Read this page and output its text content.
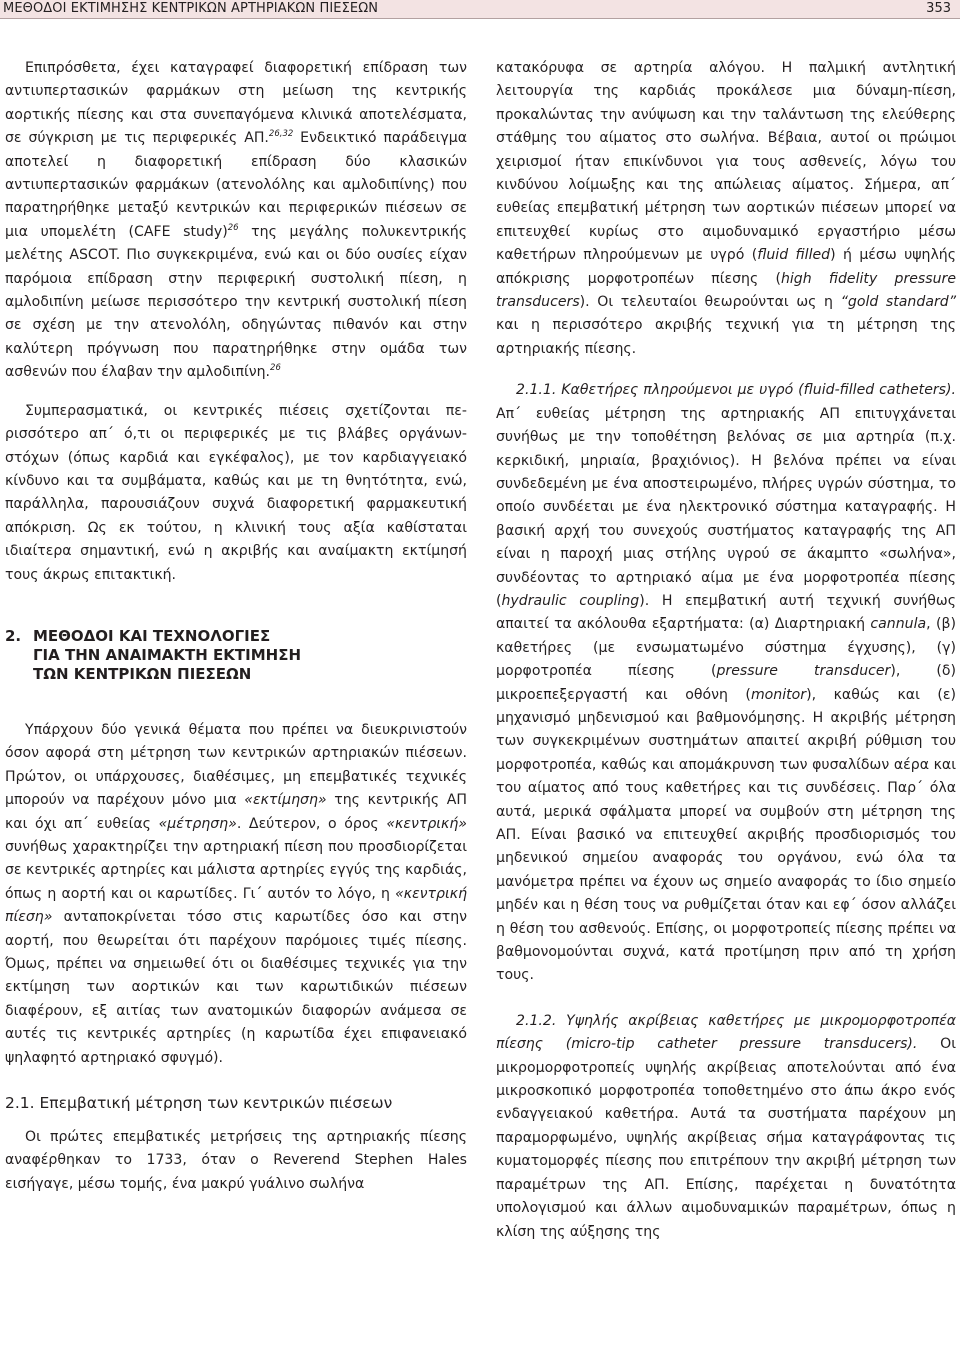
ΜΕΘΟΔΟΙ ΕΚΤΙΜΗΣΗΣ ΚΕΝΤΡΙΚΩΝ ΑΡΤΗΡΙΑΚΩΝ ΠΙΕΣΕΩΝ	353

Επιπρόσθετα, έχει καταγραφεί διαφορετική επίδραση των αντιυπερτασικών φαρμάκων στη μείωση της κεντρικής αορτικής πίεσης και στα συνεπαγόμενα κλινικά αποτελέσματα, σε σύγκριση με τις περιφερικές ΑΠ.$^{26,32}$ Ενδεικτικό παράδειγμα αποτελεί η διαφορετική επίδραση δύο κλασικών αντιυπερτασικών φαρμάκων (ατενολόλης και αμλοδιπίνης) που παρατηρήθηκε μεταξύ κεντρικών και περιφερικών πιέσεων σε μια υπομελέτη (CAFE study)$^{26}$ της μεγάλης πολυκεντρικής μελέτης ASCOT. Πιο συγκεκριμένα, ενώ και οι δύο ουσίες είχαν παρόμοια επίδραση στην περιφερική συστολική πίεση, η αμλοδιπίνη μείωσε περισσότερο την κεντρική συστολική πίεση σε σχέση με την ατενολόλη, οδηγώντας πιθανόν και στην καλύτερη πρόγνωση που παρατηρήθηκε στην ομάδα των ασθενών που έλαβαν την αμλοδιπίνη.$^{26}$

Συμπερασματικά, οι κεντρικές πιέσεις σχετίζονται περισσότερο απ΄ ό,τι οι περιφερικές με τις βλάβες οργάνωνστόχων (όπως καρδιά και εγκέφαλος), με τον καρδιαγγειακό κίνδυνο και τα συμβάματα, καθώς και με τη θνητότητα, ενώ, παράλληλα, παρουσιάζουν συχνά διαφορετική φαρμακευτική απόκριση. Ως εκ τούτου, η κλινική τους αξία καθίσταται ιδιαίτερα σημαντική, ενώ η ακριβής και αναίμακτη εκτίμησή τους άκρως επιτακτική.

2. ΜΕΘΟΔΟΙ ΚΑΙ ΤΕΧΝΟΛΟΓΙΕΣ
ΓΙΑ ΤΗΝ ΑΝΑΙΜΑΚΤΗ ΕΚΤΙΜΗΣΗ
ΤΩΝ ΚΕΝΤΡΙΚΩΝ ΠΙΕΣΕΩΝ

Υπάρχουν δύο γενικά θέματα που πρέπει να διευκρινιστούν όσον αφορά στη μέτρηση των κεντρικών αρτηριακών πιέσεων. Πρώτον, οι υπάρχουσες, διαθέσιμες, μη επεμβατικές τεχνικές μπορούν να παρέχουν μόνο μια «εκτίμηση» της κεντρικής ΑΠ και όχι απ΄ ευθείας «μέτρηση». Δεύτερον, ο όρος «κεντρική» συνήθως χαρακτηρίζει την αρτηριακή πίεση που προσδιορίζεται σε κεντρικές αρτηρίες και μάλιστα αρτηρίες εγγύς της καρδιάς, όπως η αορτή και οι καρωτίδες. Γι΄ αυτόν το λόγο, η «κεντρική πίεση» ανταποκρίνεται τόσο στις καρωτίδες όσο και στην αορτή, που θεωρείται ότι παρέχουν παρόμοιες τιμές πίεσης. Όμως, πρέπει να σημειωθεί ότι οι διαθέσιμες τεχνικές για την εκτίμηση των αορτικών και των καρωτιδικών πιέσεων διαφέρουν, εξ αιτίας των ανατομικών διαφορών ανάμεσα σε αυτές τις κεντρικές αρτηρίες (η καρωτίδα έχει επιφανειακό ψηλαφητό αρτηριακό σφυγμό).

2.1. Επεμβατική μέτρηση των κεντρικών πιέσεων

Οι πρώτες επεμβατικές μετρήσεις της αρτηριακής πίεσης αναφέρθηκαν το 1733, όταν ο Reverend Stephen Hales εισήγαγε, μέσω τομής, ένα μακρύ γυάλινο σωλήνα

κατακόρυφα σε αρτηρία αλόγου. Η παλμική αντλητική λειτουργία της καρδιάς προκάλεσε μια δύναμη-πίεση, προκαλώντας την ανύψωση και την ταλάντωση της ελεύθερης στάθμης του αίματος στο σωλήνα. Βέβαια, αυτοί οι πρώιμοι χειρισμοί ήταν επικίνδυνοι για τους ασθενείς, λόγω του κινδύνου λοίμωξης και της απώλειας αίματος. Σήμερα, απ΄ ευθείας επεμβατική μέτρηση των αορτικών πιέσεων μπορεί να επιτευχθεί κυρίως στο αιμοδυναμικό εργαστήριο μέσω καθετήρων πληρούμενων με υγρό (fluid filled) ή μέσω υψηλής απόκρισης μορφοτροπέων πίεσης (high fidelity pressure transducers). Οι τελευταίοι θεωρούνται ως η “gold standard” και η περισσότερο ακριβής τεχνική για τη μέτρηση της αρτηριακής πίεσης.

2.1.1. Καθετήρες πληρούμενοι με υγρό (fluid-filled catheters). Απ΄ ευθείας μέτρηση της αρτηριακής ΑΠ επιτυγχάνεται συνήθως με την τοποθέτηση βελόνας σε μια αρτηρία (π.χ. κερκιδική, μηριαία, βραχιόνιος). Η βελόνα πρέπει να είναι συνδεδεμένη με ένα αποστειρωμένο, πλήρες υγρών σύστημα, το οποίο συνδέεται με ένα ηλεκτρονικό σύστημα καταγραφής. Η βασική αρχή του συνεχούς συστήματος καταγραφής της ΑΠ είναι η παροχή μιας στήλης υγρού σε άκαμπτο «σωλήνα», συνδέοντας το αρτηριακό αίμα με ένα μορφοτροπέα πίεσης (hydraulic coupling). Η επεμβατική αυτή τεχνική συνήθως απαιτεί τα ακόλουθα εξαρτήματα: (α) Διαρτηριακή cannula, (β) καθετήρες (με ενσωματωμένο σύστημα έγχυσης), (γ) μορφοτροπέα πίεσης (pressure transducer), (δ) μικροεπεξεργαστή και οθόνη (monitor), καθώς και (ε) μηχανισμό μηδενισμού και βαθμονόμησης. Η ακριβής μέτρηση των συγκεκριμένων συστημάτων απαιτεί ακριβή ρύθμιση του μορφοτροπέα, καθώς και απομάκρυνση των φυσαλίδων αέρα και του αίματος από τους καθετήρες και τις συνδέσεις. Παρ΄ όλα αυτά, μερικά σφάλματα μπορεί να συμβούν στη μέτρηση της ΑΠ. Είναι βασικό να επιτευχθεί ακριβής προσδιορισμός του μηδενικού σημείου αναφοράς του οργάνου, ενώ όλα τα μανόμετρα πρέπει να έχουν ως σημείο αναφοράς το ίδιο σημείο μηδέν και η θέση τους να ρυθμίζεται όταν και εφ΄ όσον αλλάζει η θέση του ασθενούς. Επίσης, οι μορφοτροπείς πίεσης πρέπει να βαθμονομούνται συχνά, κατά προτίμηση πριν από τη χρήση τους.

2.1.2. Υψηλής ακρίβειας καθετήρες με μικρομορφοτροπέα πίεσης (micro-tip catheter pressure transducers). Οι μικρομορφοτροπείς υψηλής ακρίβειας αποτελούνται από ένα μικροσκοπικό μορφοτροπέα τοποθετημένο στο άπω άκρο ενός ενδαγγειακού καθετήρα. Αυτά τα συστήματα παρέχουν μη παραμορφωμένο, υψηλής ακρίβειας σήμα καταγράφοντας τις κυματομορφές πίεσης που επιτρέπουν την ακριβή μέτρηση των παραμέτρων της ΑΠ. Επίσης, παρέχεται η δυνατότητα υπολογισμού και άλλων αιμοδυναμικών παραμέτρων, όπως η κλίση της αύξησης της
